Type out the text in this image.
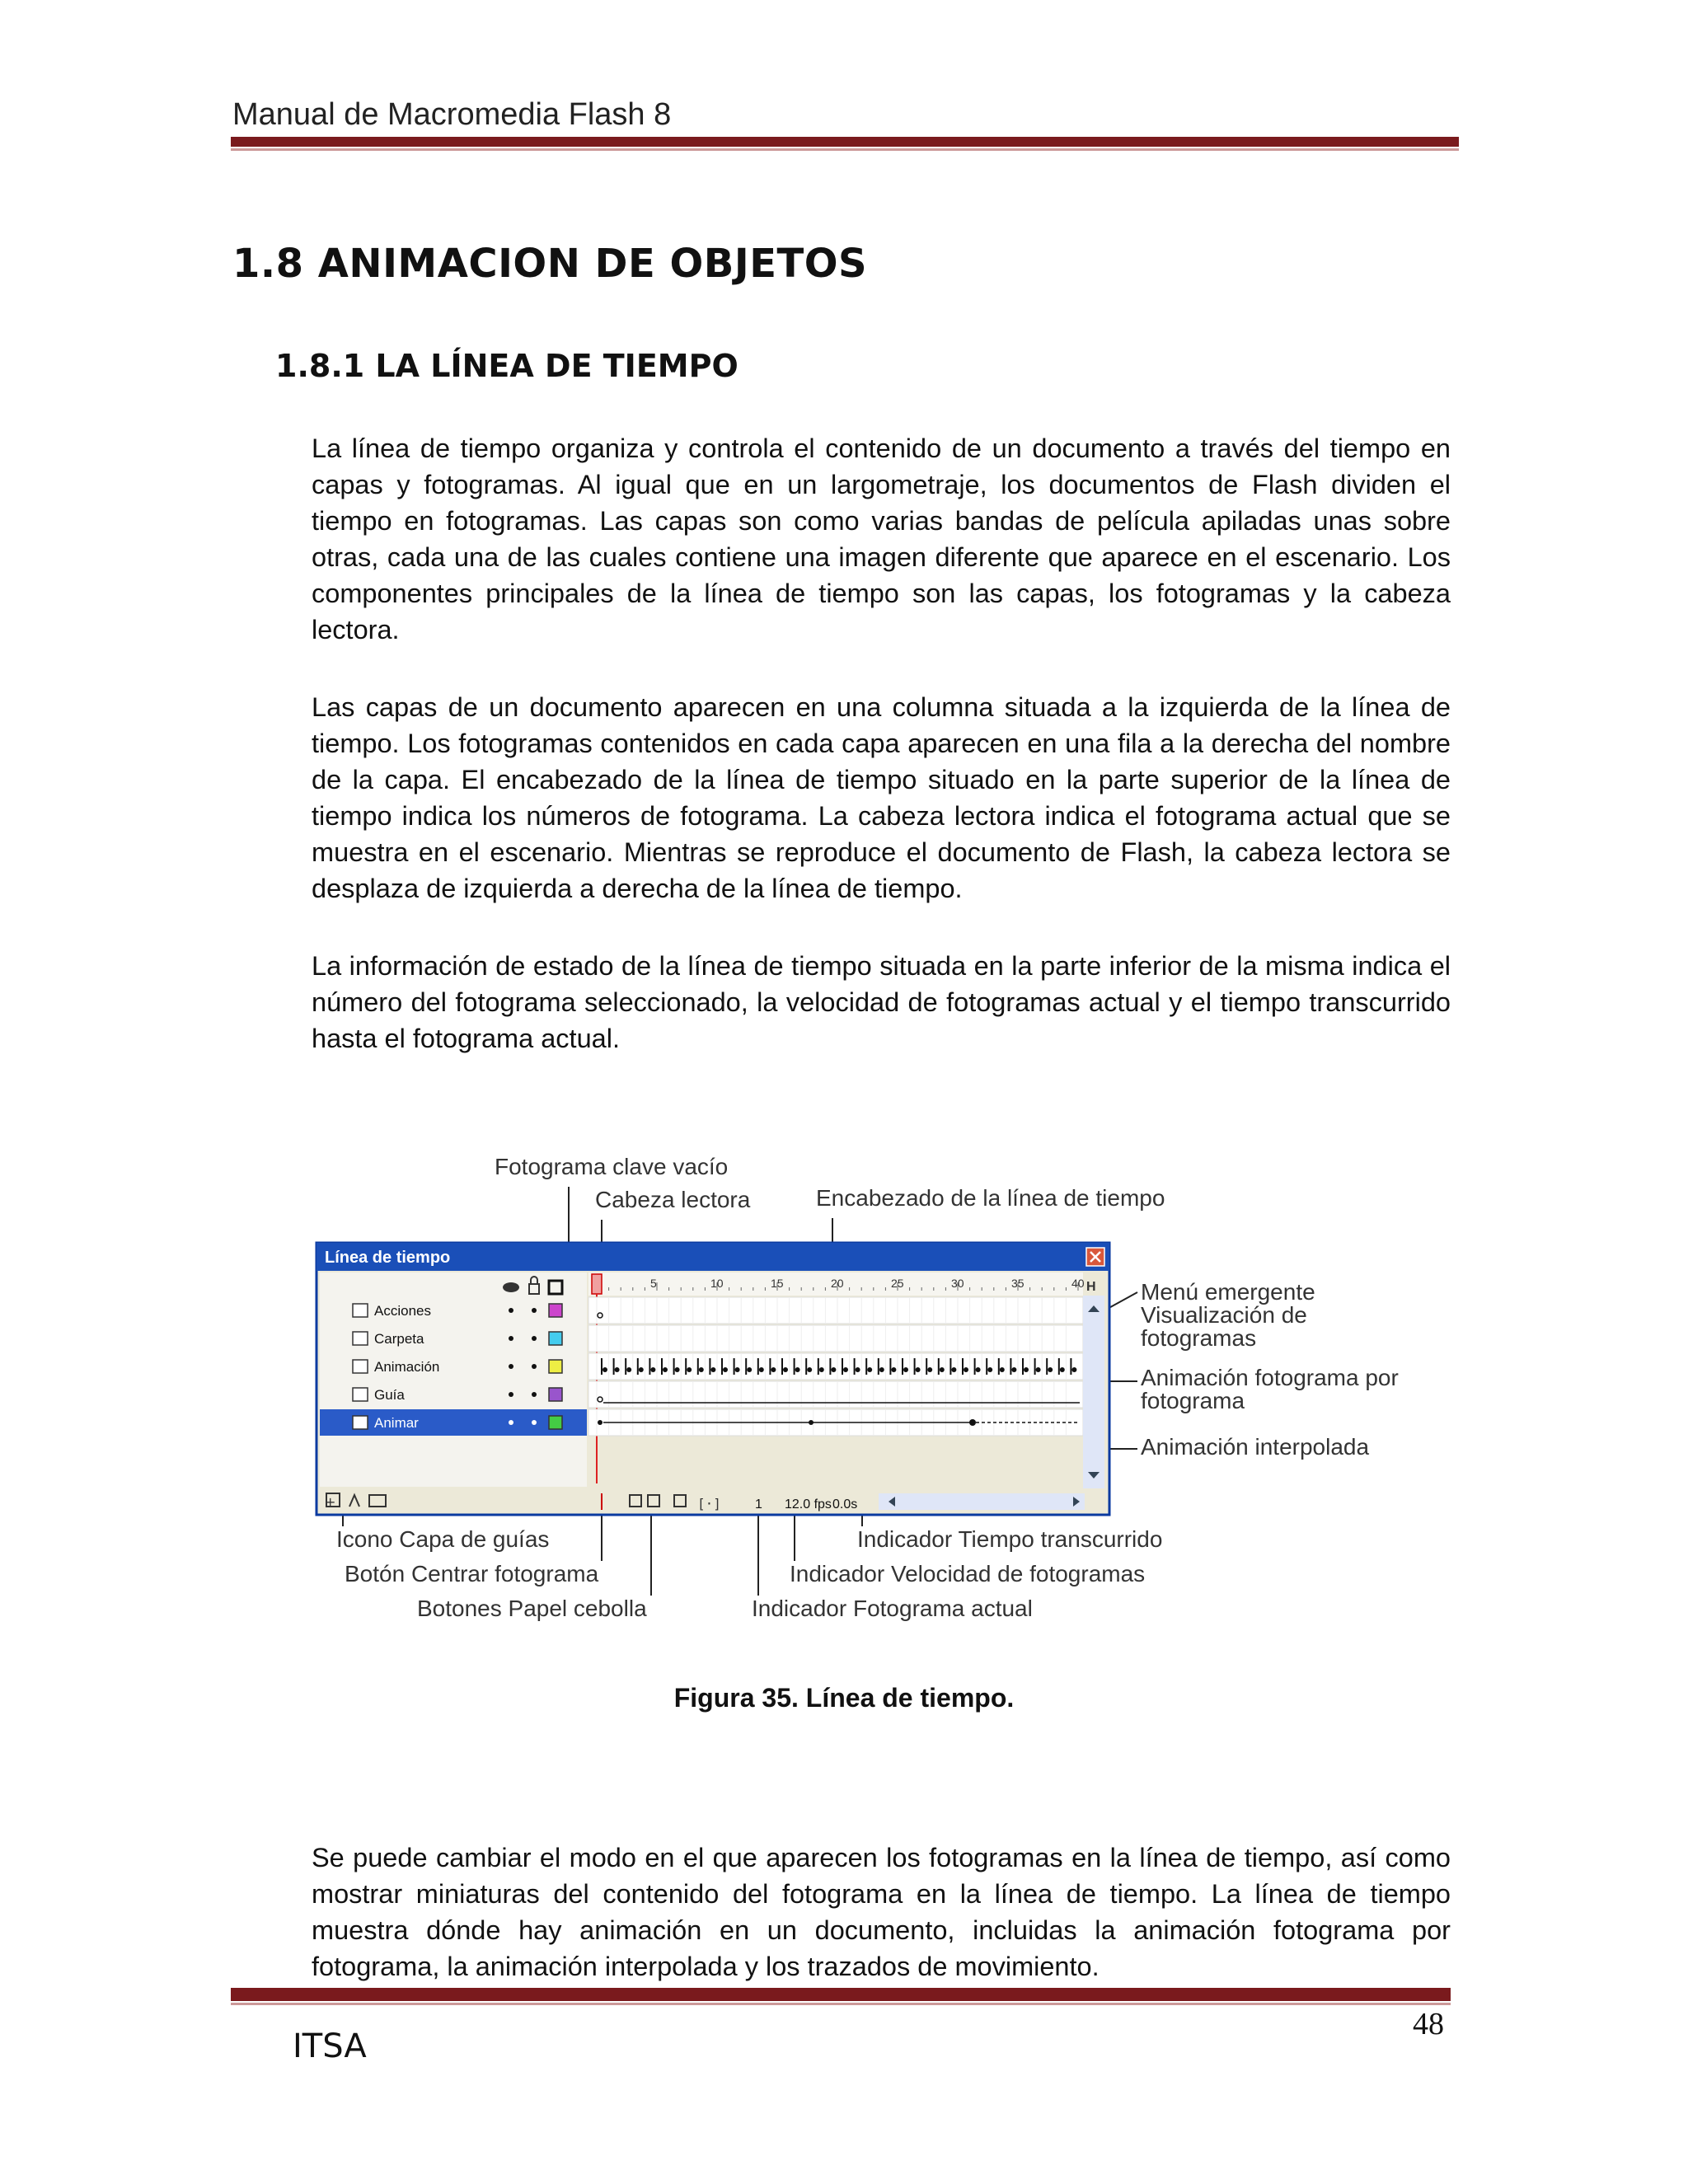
Manual de Macromedia Flash 8
1.8 ANIMACION DE OBJETOS
1.8.1 LA LÍNEA DE TIEMPO
La línea de tiempo organiza y controla el contenido de un documento a través del tiempo en capas y fotogramas. Al igual que en un largometraje, los documentos de Flash dividen el tiempo en fotogramas. Las capas son como varias bandas de película apiladas unas sobre otras, cada una de las cuales contiene una imagen diferente que aparece en el escenario. Los componentes principales de la línea de tiempo son las capas, los fotogramas y la cabeza lectora.
Las capas de un documento aparecen en una columna situada a la izquierda de la línea de tiempo. Los fotogramas contenidos en cada capa aparecen en una fila a la derecha del nombre de la capa. El encabezado de la línea de tiempo situado en la parte superior de la línea de tiempo indica los números de fotograma. La cabeza lectora indica el fotograma actual que se muestra en el escenario. Mientras se reproduce el documento de Flash, la cabeza lectora se desplaza de izquierda a derecha de la línea de tiempo.
La información de estado de la línea de tiempo situada en la parte inferior de la misma indica el número del fotograma seleccionado, la velocidad de fotogramas actual y el tiempo transcurrido hasta el fotograma actual.
Fotograma clave vacío
Cabeza lectora	Encabezado de la línea de tiempo
Menú emergente
Visualización de
fotogramas
Animación fotograma por
fotograma
Animación interpolada
Icono Capa de guías
Botón Centrar fotograma
Botones Papel cebolla
Indicador Tiempo transcurrido
Indicador Velocidad de fotogramas
Indicador Fotograma actual
Línea de tiempo
Acciones
Carpeta
Animación
Guía
Animar
5	10	15	20	25	30	35	40 H
+	[·]	1 12.0 fps 0.0s
Figura 35. Línea de tiempo.
Se puede cambiar el modo en el que aparecen los fotogramas en la línea de tiempo, así como mostrar miniaturas del contenido del fotograma en la línea de tiempo. La línea de tiempo muestra dónde hay animación en un documento, incluidas la animación fotograma por fotograma, la animación interpolada y los trazados de movimiento.
48
ITSA
